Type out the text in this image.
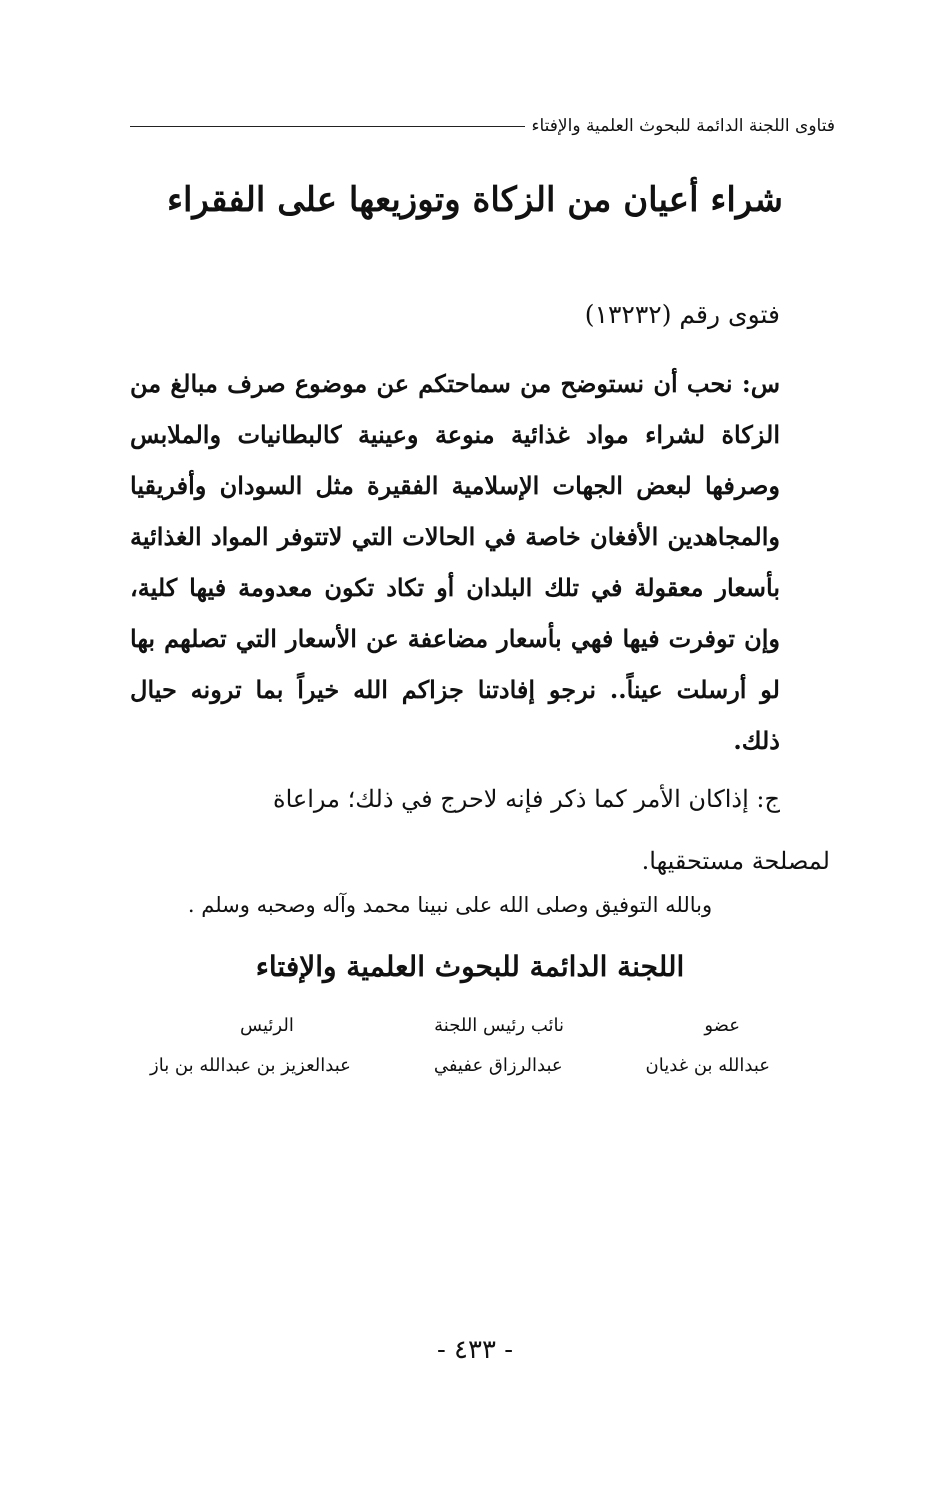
فتاوى اللجنة الدائمة للبحوث العلمية والإفتاء
شراء أعيان من الزكاة وتوزيعها على الفقراء
فتوى رقم (١٣٢٣٢)
س: نحب أن نستوضح من سماحتكم عن موضوع صرف مبالغ من الزكاة لشراء مواد غذائية منوعة وعينية كالبطانيات والملابس وصرفها لبعض الجهات الإسلامية الفقيرة مثل السودان وأفريقيا والمجاهدين الأفغان خاصة في الحالات التي لاتتوفر المواد الغذائية بأسعار معقولة في تلك البلدان أو تكاد تكون معدومة فيها كلية، وإن توفرت فيها فهي بأسعار مضاعفة عن الأسعار التي تصلهم بها لو أرسلت عيناً.. نرجو إفادتنا جزاكم الله خيراً بما ترونه حيال ذلك.
ج: إذاكان الأمر كما ذكر فإنه لاحرج في ذلك؛ مراعاة
لمصلحة مستحقيها.
وبالله التوفيق وصلى الله على نبينا محمد وآله وصحبه وسلم .
اللجنة الدائمة للبحوث العلمية والإفتاء
عضو
نائب رئيس اللجنة
الرئيس
عبدالله بن غديان
عبدالرزاق عفيفي
عبدالعزيز بن عبدالله بن باز
- ٤٣٣ -
